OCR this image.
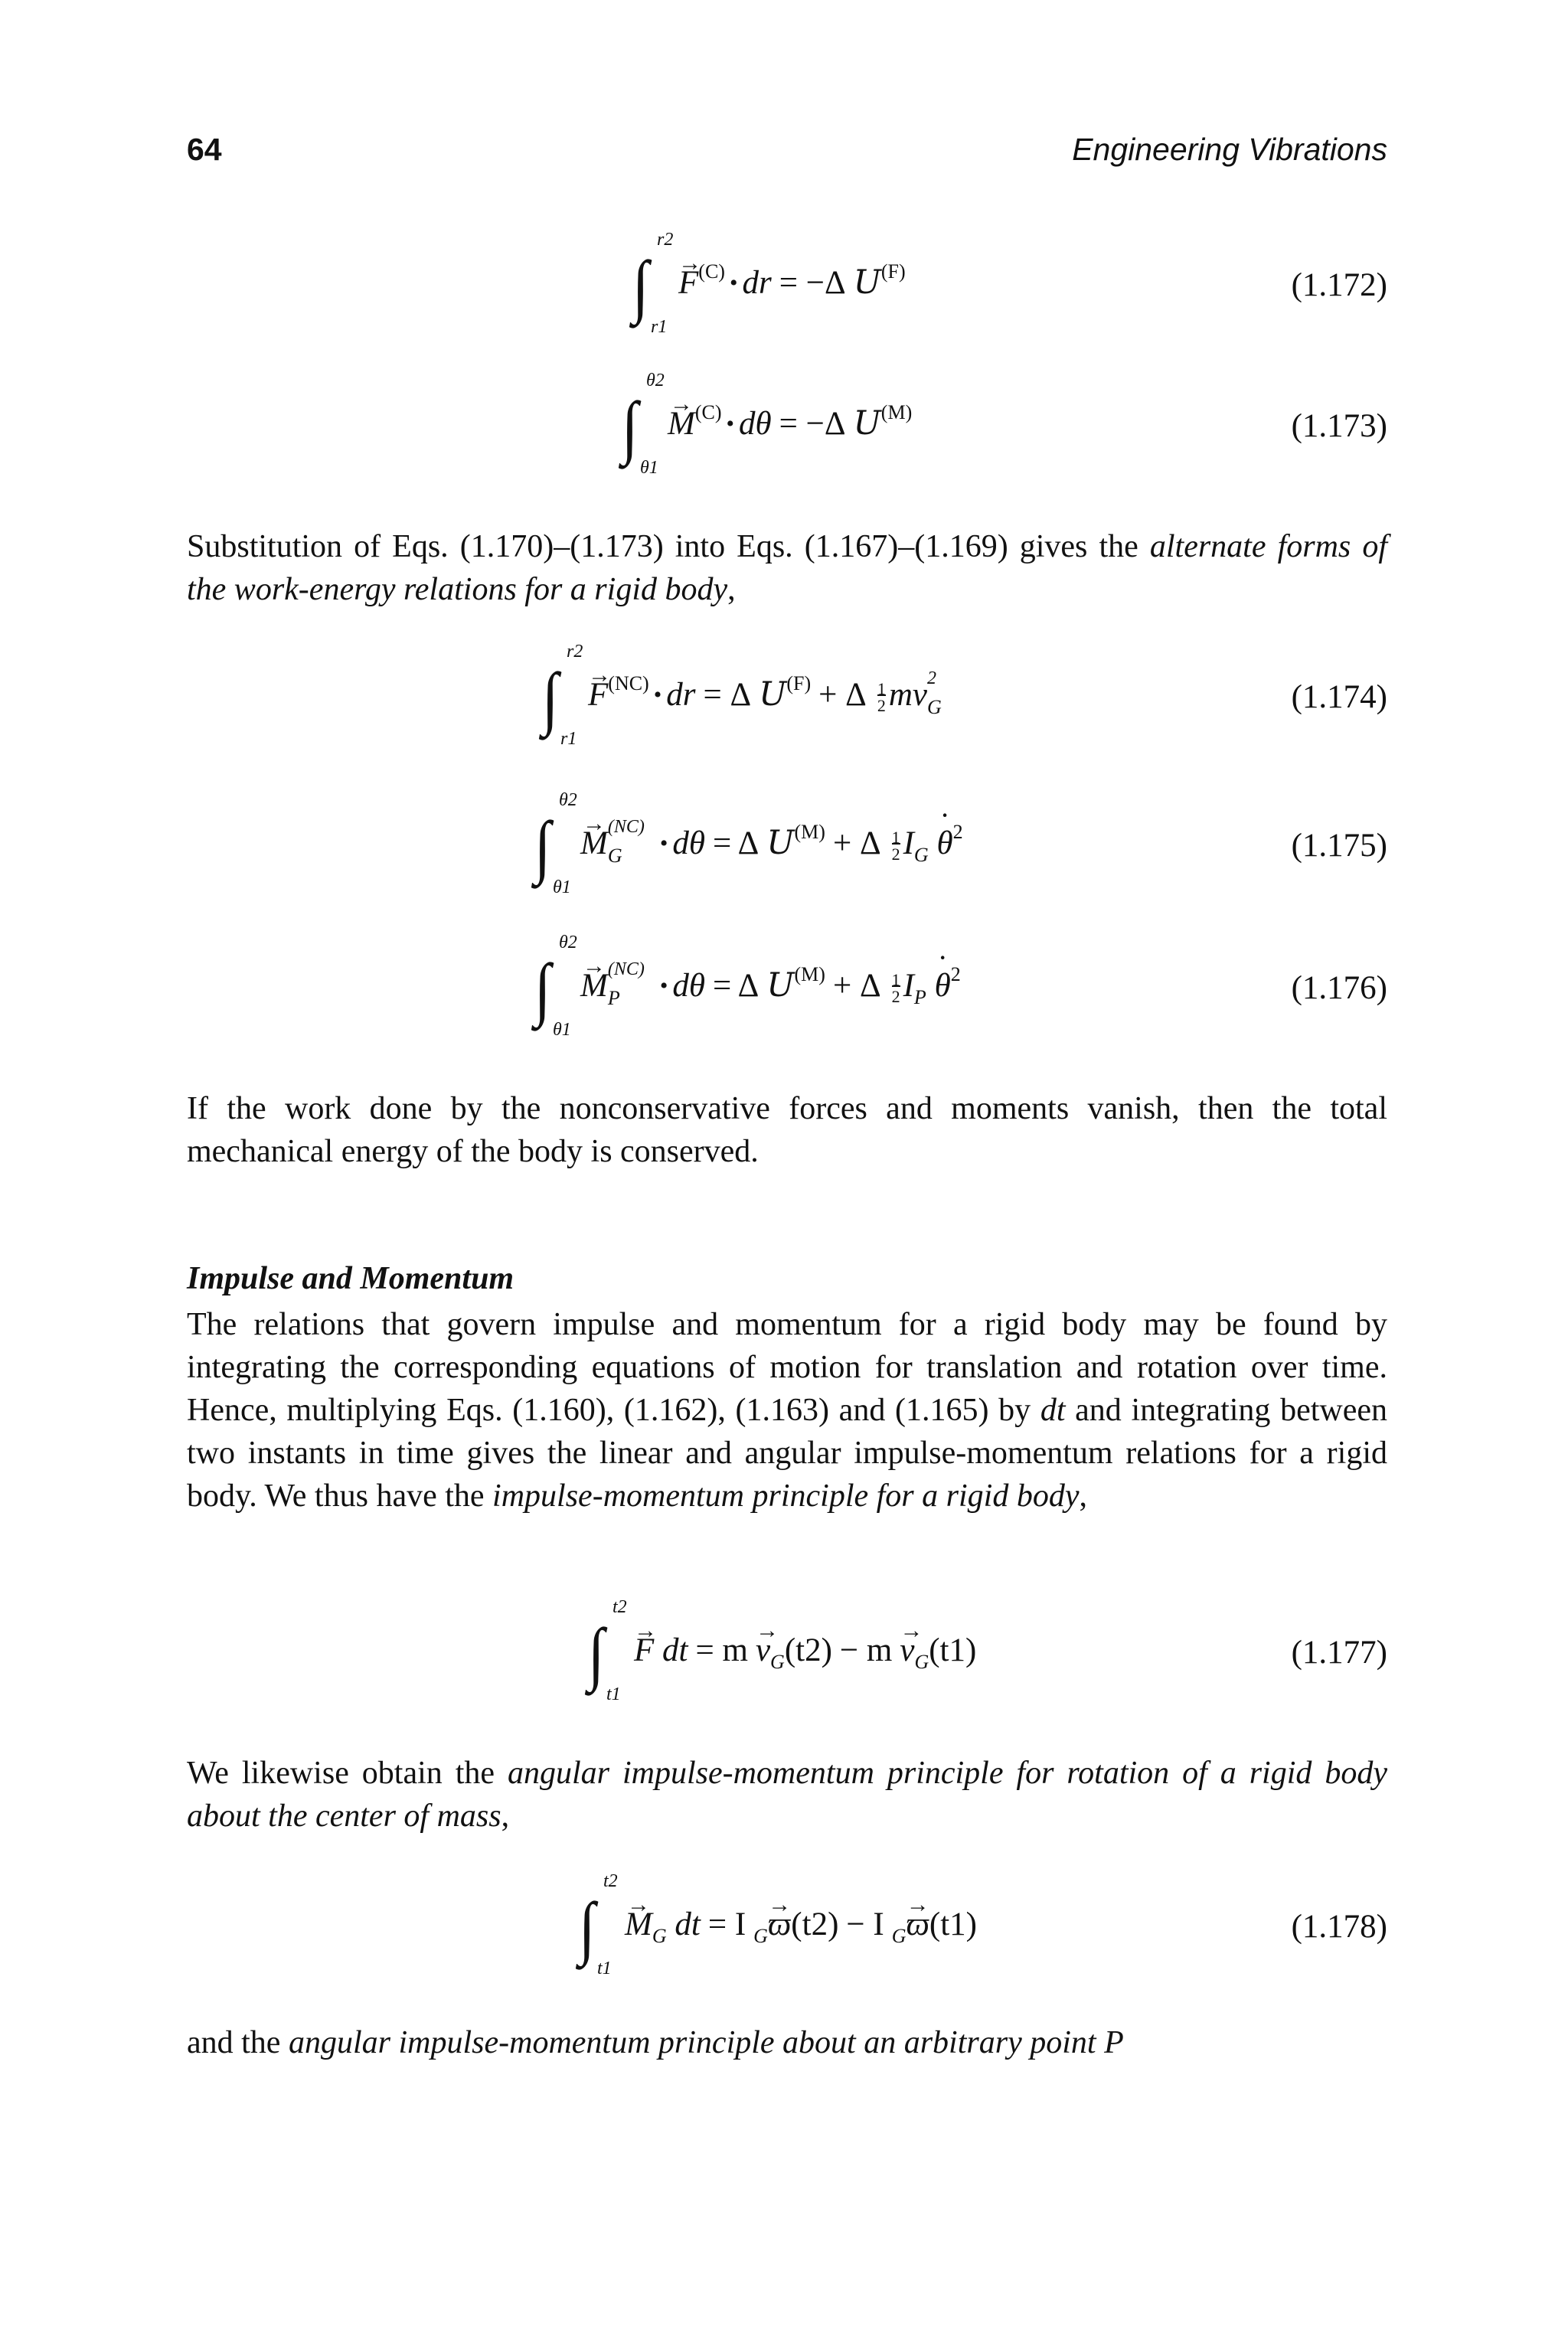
64	Engineering Vibrations
∫
r2
r1
→ $F^{(C)}$ • dr = −Δ $U^{(F)}$	(1.172)
∫
θ2
θ1
→ $M^{(C)}$ • dθ = −Δ $U^{(M)}$	(1.173)
Substitution of Eqs. (1.170)–(1.173) into Eqs. (1.167)–(1.169) gives the alternate forms of the work-energy relations for a rigid body,
∫
r2
r1
→ $F^{(NC)}$ • dr = Δ $U^{(F)} + \Delta \frac{1}{2}mv$ G
2
(1.174)
∫
θ2
θ1
→ M (NC)
G • dθ = Δ $U^{(M)} + \Delta \frac{1}{2}I_G$ ˙ $\theta^2$	(1.175)
∫
θ2
θ1
→ M (NC)
P • dθ = Δ $U^{(M)} + \Delta \frac{1}{2}I_P$ ˙ $\theta^2$	(1.176)
If the work done by the nonconservative forces and moments vanish, then the total mechanical energy of the body is conserved.
Impulse and Momentum
The relations that govern impulse and momentum for a rigid body may be found by integrating the corresponding equations of motion for translation and rotation over time. Hence, multiplying Eqs. (1.160), (1.162), (1.163) and (1.165) by dt and integrating between two instants in time gives the linear and angular impulse-momentum relations for a rigid body. We thus have the impulse-momentum principle for a rigid body,
∫
t2
t1
→ F dt = $m \to v_G(t2) - m \to v_G(t1)$	(1.177)
We likewise obtain the angular impulse-momentum principle for rotation of a rigid body about the center of mass,
∫
t2
t1
→ $M_G$ dt = I $_G$→ ϖ(t2) − I $_G$→ ϖ(t1)	(1.178)
and the angular impulse-momentum principle about an arbitrary point P
